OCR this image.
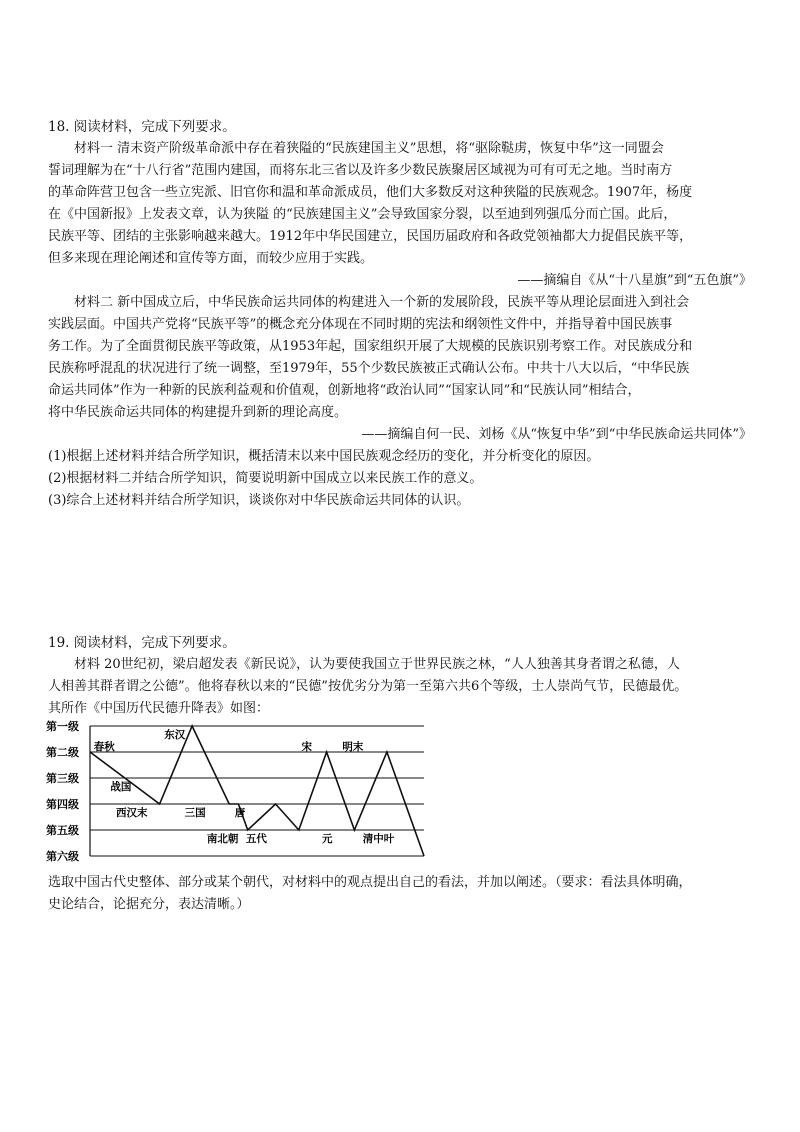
18. 阅读材料，完成下列要求。
材料一 清末资产阶级革命派中存在着狭隘的“民族建国主义”思想，将“驱除鞑虏，恢复中华”这一同盟会
誓词理解为在“十八行省”范围内建国，而将东北三省以及许多少数民族聚居区域视为可有可无之地。当时南方
的革命阵营卫包含一些立宪派、旧官你和温和革命派成员，他们大多数反对这种狭隘的民族观念。1907年，杨度
在《中国新报》上发表文章，认为狭隘 的“民族建国主义”会导致国家分裂，以至迪到列强瓜分而亡国。此后，
民族平等、团结的主张影响越来越大。1912年中华民国建立，民国历届政府和各政党领袖都大力捉倡民族平等，
但多来现在理论阐述和宣传等方面，而较少应用于实践。
——摘编自《从“十八星旗”到“五色旗”》
材料二 新中国成立后，中华民族命运共同体的构建进入一个新的发展阶段，民族平等从理论层面进入到社会
实践层面。中国共产党将“民族平等”的概念充分体现在不同时期的宪法和纲领性文件中，并指导着中国民族事
务工作。为了全面贯彻民族平等政策，从1953年起，国家组织开展了大规模的民族识别考察工作。对民族成分和
民族称呼混乱的状况进行了统一调整，至1979年，55个少数民族被正式确认公布。中共十八大以后，“中华民族
命运共同体”作为一种新的民族利益观和价值观，创新地将“政治认同”“国家认同”和“民族认同”相结合，
将中华民族命运共同体的构建提升到新的理论高度。
——摘编自何一民、刘杨《从“恢复中华”到“中华民族命运共同体”》
(1)根据上述材料并结合所学知识，概括清末以来中国民族观念经历的变化，并分析变化的原因。
(2)根据材料二并结合所学知识，简要说明新中国成立以来民族工作的意义。
(3)综合上述材料并结合所学知识，谈谈你对中华民族命运共同体的认识。
19. 阅读材料，完成下列要求。
材料 20世纪初，梁启超发表《新民说》，认为要使我国立于世界民族之林，“人人独善其身者谓之私德，人
人相善其群者谓之公德”。他将春秋以来的“民德”按优劣分为第一至第六共6个等级，士人崇尚气节，民德最优。
其所作《中国历代民德升降表》如图：
第一级
第二级
第三级
第四级
第五级
第六级
春秋
战国
西汉末
东汉
三国
南北朝
唐
五代
宋
元
明末
清中叶
选取中国古代史整体、部分或某个朝代，对材料中的观点提出自己的看法，并加以阐述。（要求：看法具体明确，
史论结合，论据充分，表达清晰。）
